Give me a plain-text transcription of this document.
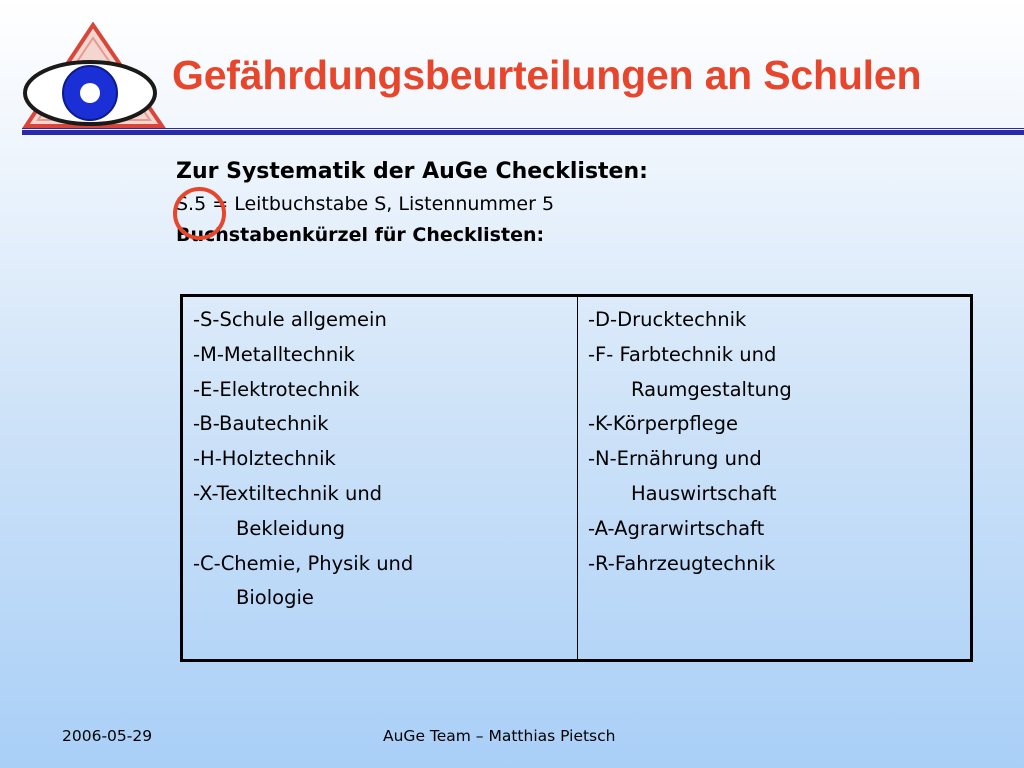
Gefährdungsbeurteilungen an Schulen
Zur Systematik der AuGe Checklisten:
S.5 = Leitbuchstabe S, Listennummer 5
Buchstabenkürzel für Checklisten:
-S-Schule allgemein
-M-Metalltechnik
-E-Elektrotechnik
-B-Bautechnik
-H-Holztechnik
-X-Textiltechnik und
Bekleidung
-C-Chemie, Physik und
Biologie
-D-Drucktechnik
-F- Farbtechnik und
Raumgestaltung
-K-Körperpflege
-N-Ernährung und
Hauswirtschaft
-A-Agrarwirtschaft
-R-Fahrzeugtechnik
2006-05-29	AuGe Team – Matthias Pietsch
